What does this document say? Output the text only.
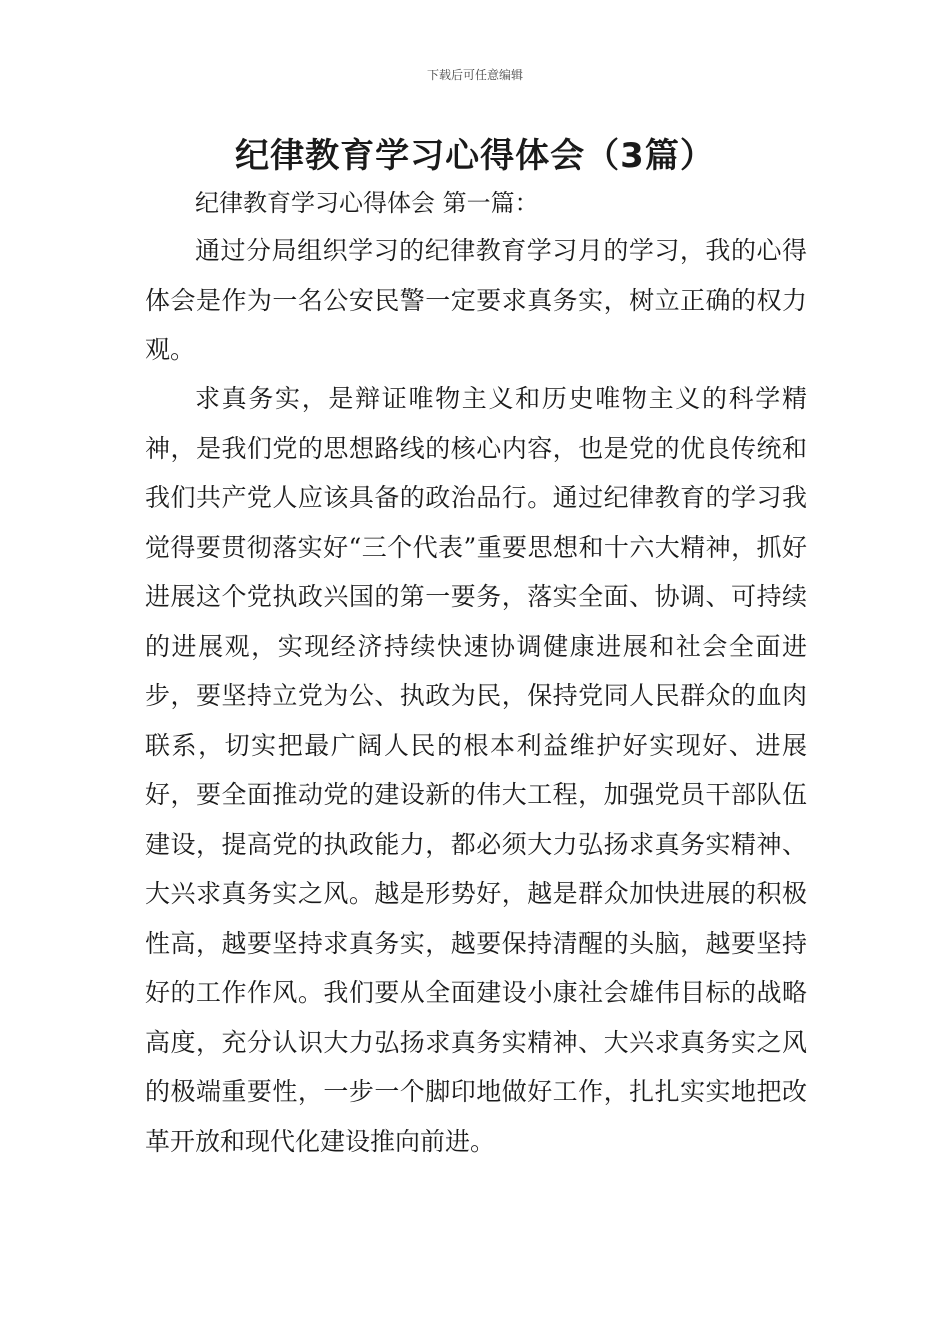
下载后可任意编辑
纪律教育学习心得体会（3篇）

纪律教育学习心得体会 第一篇：

通过分局组织学习的纪律教育学习月的学习，我的心得体会是作为一名公安民警一定要求真务实，树立正确的权力观。

求真务实，是辩证唯物主义和历史唯物主义的科学精神，是我们党的思想路线的核心内容，也是党的优良传统和我们共产党人应该具备的政治品行。通过纪律教育的学习我觉得要贯彻落实好“三个代表”重要思想和十六大精神，抓好进展这个党执政兴国的第一要务，落实全面、协调、可持续的进展观，实现经济持续快速协调健康进展和社会全面进步，要坚持立党为公、执政为民，保持党同人民群众的血肉联系，切实把最广阔人民的根本利益维护好实现好、进展好，要全面推动党的建设新的伟大工程，加强党员干部队伍建设，提高党的执政能力，都必须大力弘扬求真务实精神、大兴求真务实之风。越是形势好，越是群众加快进展的积极性高，越要坚持求真务实，越要保持清醒的头脑，越要坚持好的工作作风。我们要从全面建设小康社会雄伟目标的战略高度，充分认识大力弘扬求真务实精神、大兴求真务实之风的极端重要性，一步一个脚印地做好工作，扎扎实实地把改革开放和现代化建设推向前进。
